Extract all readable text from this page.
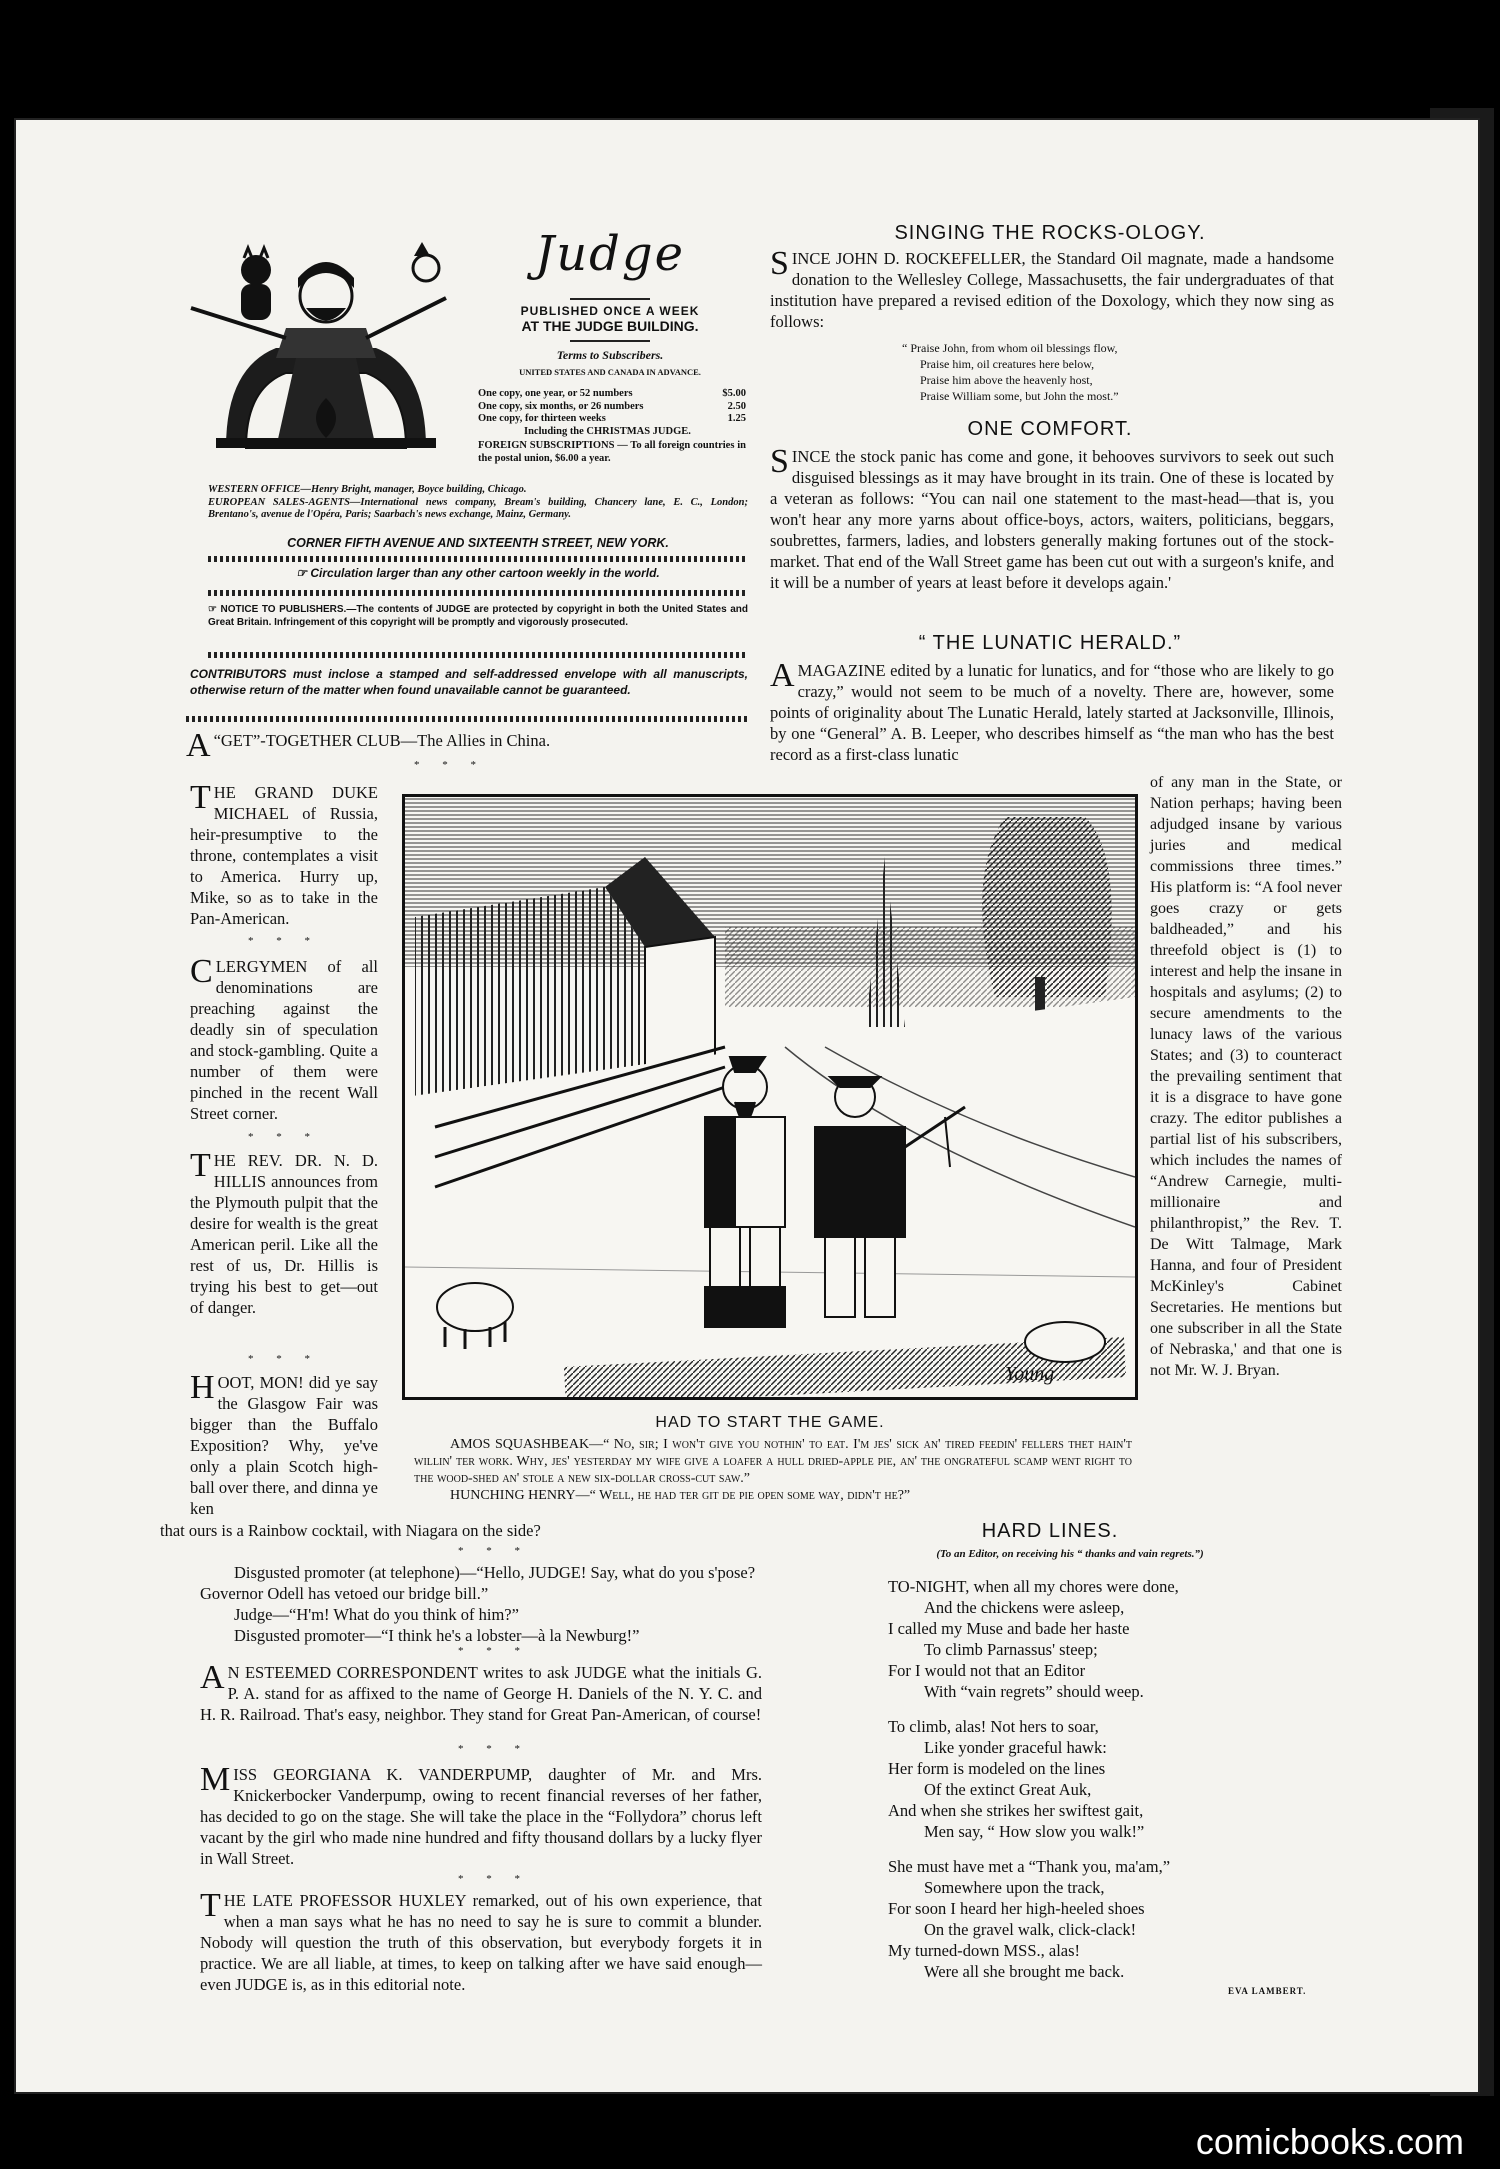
Judge
PUBLISHED ONCE A WEEK
AT THE JUDGE BUILDING.
Terms to Subscribers.
UNITED STATES AND CANADA IN ADVANCE.
One copy, one year, or 52 numbers	$5.00
One copy, six months, or 26 numbers	2.50
One copy, for thirteen weeks	1.25
Including the CHRISTMAS JUDGE.
FOREIGN SUBSCRIPTIONS — To all foreign countries in the postal union, $6.00 a year.
WESTERN OFFICE—Henry Bright, manager, Boyce building, Chicago.
EUROPEAN SALES-AGENTS—International news company, Bream's building, Chancery lane, E. C., London; Brentano's, avenue de l'Opéra, Paris; Saarbach's news exchange, Mainz, Germany.
CORNER FIFTH AVENUE AND SIXTEENTH STREET, NEW YORK.
☞ Circulation larger than any other cartoon weekly in the world.
☞ NOTICE TO PUBLISHERS.—The contents of JUDGE are protected by copyright in both the United States and Great Britain. Infringement of this copyright will be promptly and vigorously prosecuted.
CONTRIBUTORS must inclose a stamped and self-addressed envelope with all manuscripts, otherwise return of the matter when found unavailable cannot be guaranteed.
SINGING THE ROCKS-OLOGY.
SINCE JOHN D. ROCKEFELLER, the Standard Oil magnate, made a handsome donation to the Wellesley College, Massachusetts, the fair undergraduates of that institution have prepared a revised edition of the Doxology, which they now sing as follows:
“ Praise John, from whom oil blessings flow,
Praise him, oil creatures here below,
Praise him above the heavenly host,
Praise William some, but John the most.”
ONE COMFORT.
SINCE the stock panic has come and gone, it behooves survivors to seek out such disguised blessings as it may have brought in its train. One of these is located by a veteran as follows: “You can nail one statement to the mast-head—that is, you won't hear any more yarns about office-boys, actors, waiters, politicians, beggars, soubrettes, farmers, ladies, and lobsters generally making fortunes out of the stock-market. That end of the Wall Street game has been cut out with a surgeon's knife, and it will be a number of years at least before it develops again.'
“ THE LUNATIC HERALD.”
AMAGAZINE edited by a lunatic for lunatics, and for “those who are likely to go crazy,” would not seem to be much of a novelty. There are, however, some points of originality about The Lunatic Herald, lately started at Jacksonville, Illinois, by one “General” A. B. Leeper, who describes himself as “the man who has the best record as a first-class lunatic
of any man in the State, or Nation perhaps; having been adjudged insane by various juries and medical commissions three times.” His platform is: “A fool never goes crazy or gets baldheaded,” and his threefold object is (1) to interest and help the insane in hospitals and asylums; (2) to secure amendments to the lunacy laws of the various States; and (3) to counteract the prevailing sentiment that it is a disgrace to have gone crazy. The editor publishes a partial list of his subscribers, which includes the names of “Andrew Carnegie, multi-millionaire and philanthropist,” the Rev. T. De Witt Talmage, Mark Hanna, and four of President McKinley's Cabinet Secretaries. He mentions but one subscriber in all the State of Nebraska,' and that one is not Mr. W. J. Bryan.
A “GET”-TOGETHER CLUB—The Allies in China.
* * *
THE GRAND DUKE MICHAEL of Russia, heir-presumptive to the throne, contemplates a visit to America. Hurry up, Mike, so as to take in the Pan-American.
* * *
CLERGYMEN of all denominations are preaching against the deadly sin of speculation and stock-gambling. Quite a number of them were pinched in the recent Wall Street corner.
* * *
THE REV. DR. N. D. HILLIS announces from the Plymouth pulpit that the desire for wealth is the great American peril. Like all the rest of us, Dr. Hillis is trying his best to get—out of danger.
* * *
HOOT, MON! did ye say the Glasgow Fair was bigger than the Buffalo Exposition? Why, ye've only a plain Scotch high-ball over there, and dinna ye ken
Young
HAD TO START THE GAME.
AMOS SQUASHBEAK—“ No, sir; I won't give you nothin' to eat. I'm jes' sick an' tired feedin' fellers thet hain't willin' ter work. Why, jes' yesterday my wife give a loafer a hull dried-apple pie, an' the ongrateful scamp went right to the wood-shed an' stole a new six-dollar cross-cut saw.”
HUNCHING HENRY—“ Well, he had ter git de pie open some way, didn't he?”
that ours is a Rainbow cocktail, with Niagara on the side?
* * *
Disgusted promoter (at telephone)—“Hello, JUDGE! Say, what do you s'pose? Governor Odell has vetoed our bridge bill.”
Judge—“H'm! What do you think of him?”
Disgusted promoter—“I think he's a lobster—à la Newburg!”
* * *
A N ESTEEMED CORRESPONDENT writes to ask JUDGE what the initials G. P. A. stand for as affixed to the name of George H. Daniels of the N. Y. C. and H. R. Railroad. That's easy, neighbor. They stand for Great Pan-American, of course!
* * *
MISS GEORGIANA K. VANDERPUMP, daughter of Mr. and Mrs. Knickerbocker Vanderpump, owing to recent financial reverses of her father, has decided to go on the stage. She will take the place in the “Follydora” chorus left vacant by the girl who made nine hundred and fifty thousand dollars by a lucky flyer in Wall Street.
* * *
THE LATE PROFESSOR HUXLEY remarked, out of his own experience, that when a man says what he has no need to say he is sure to commit a blunder. Nobody will question the truth of this observation, but everybody forgets it in practice. We are all liable, at times, to keep on talking after we have said enough—even JUDGE is, as in this editorial note.
HARD LINES.
(To an Editor, on receiving his “ thanks and vain regrets.”)

TO-NIGHT, when all my chores were done,

And the chickens were asleep,

I called my Muse and bade her haste

To climb Parnassus' steep;

For I would not that an Editor

With “vain regrets” should weep.

To climb, alas! Not hers to soar,

Like yonder graceful hawk:

Her form is modeled on the lines

Of the extinct Great Auk,

And when she strikes her swiftest gait,

Men say, “ How slow you walk!”

She must have met a “Thank you, ma'am,”

Somewhere upon the track,

For soon I heard her high-heeled shoes

On the gravel walk, click-clack!

My turned-down MSS., alas!

Were all she brought me back.

EVA LAMBERT.
comicbooks.com
